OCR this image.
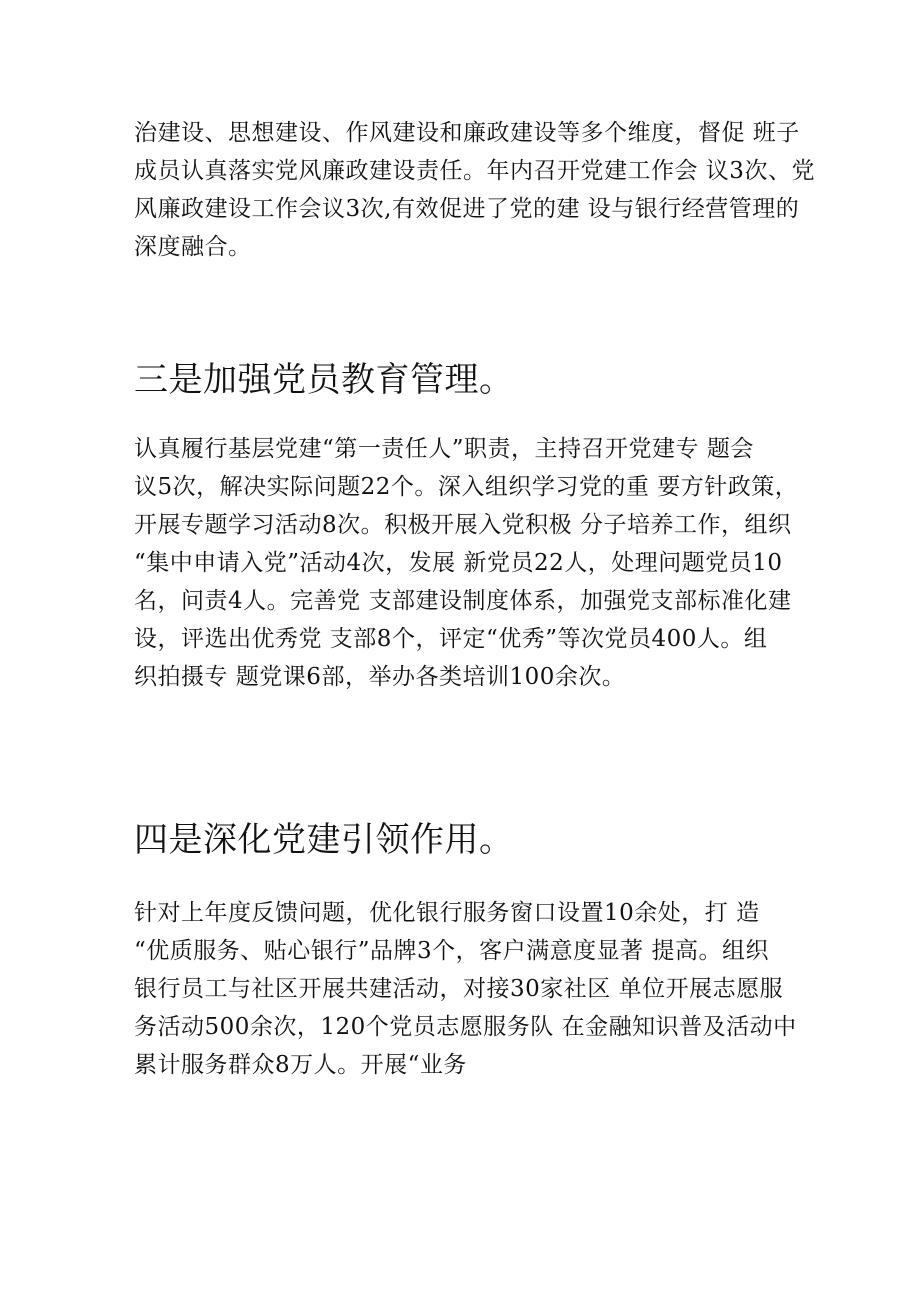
治建设、思想建设、作风建设和廉政建设等多个维度，督促 班子
成员认真落实党风廉政建设责任。年内召开党建工作会 议3次、党
风廉政建设工作会议3次,有效促进了党的建 设与银行经营管理的
深度融合。
三是加强党员教育管理。
认真履行基层党建“第一责任人”职责，主持召开党建专 题会
议5次，解决实际问题22个。深入组织学习党的重 要方针政策，
开展专题学习活动8次。积极开展入党积极 分子培养工作，组织
“集中申请入党”活动4次，发展 新党员22人，处理问题党员10
名，问责4人。完善党 支部建设制度体系，加强党支部标准化建
设，评选出优秀党 支部8个，评定“优秀”等次党员400人。组
织拍摄专 题党课6部，举办各类培训100余次。
四是深化党建引领作用。
针对上年度反馈问题，优化银行服务窗口设置10余处，打 造
“优质服务、贴心银行”品牌3个，客户满意度显著 提高。组织
银行员工与社区开展共建活动，对接30家社区 单位开展志愿服
务活动500余次，120个党员志愿服务队 在金融知识普及活动中
累计服务群众8万人。开展“业务
